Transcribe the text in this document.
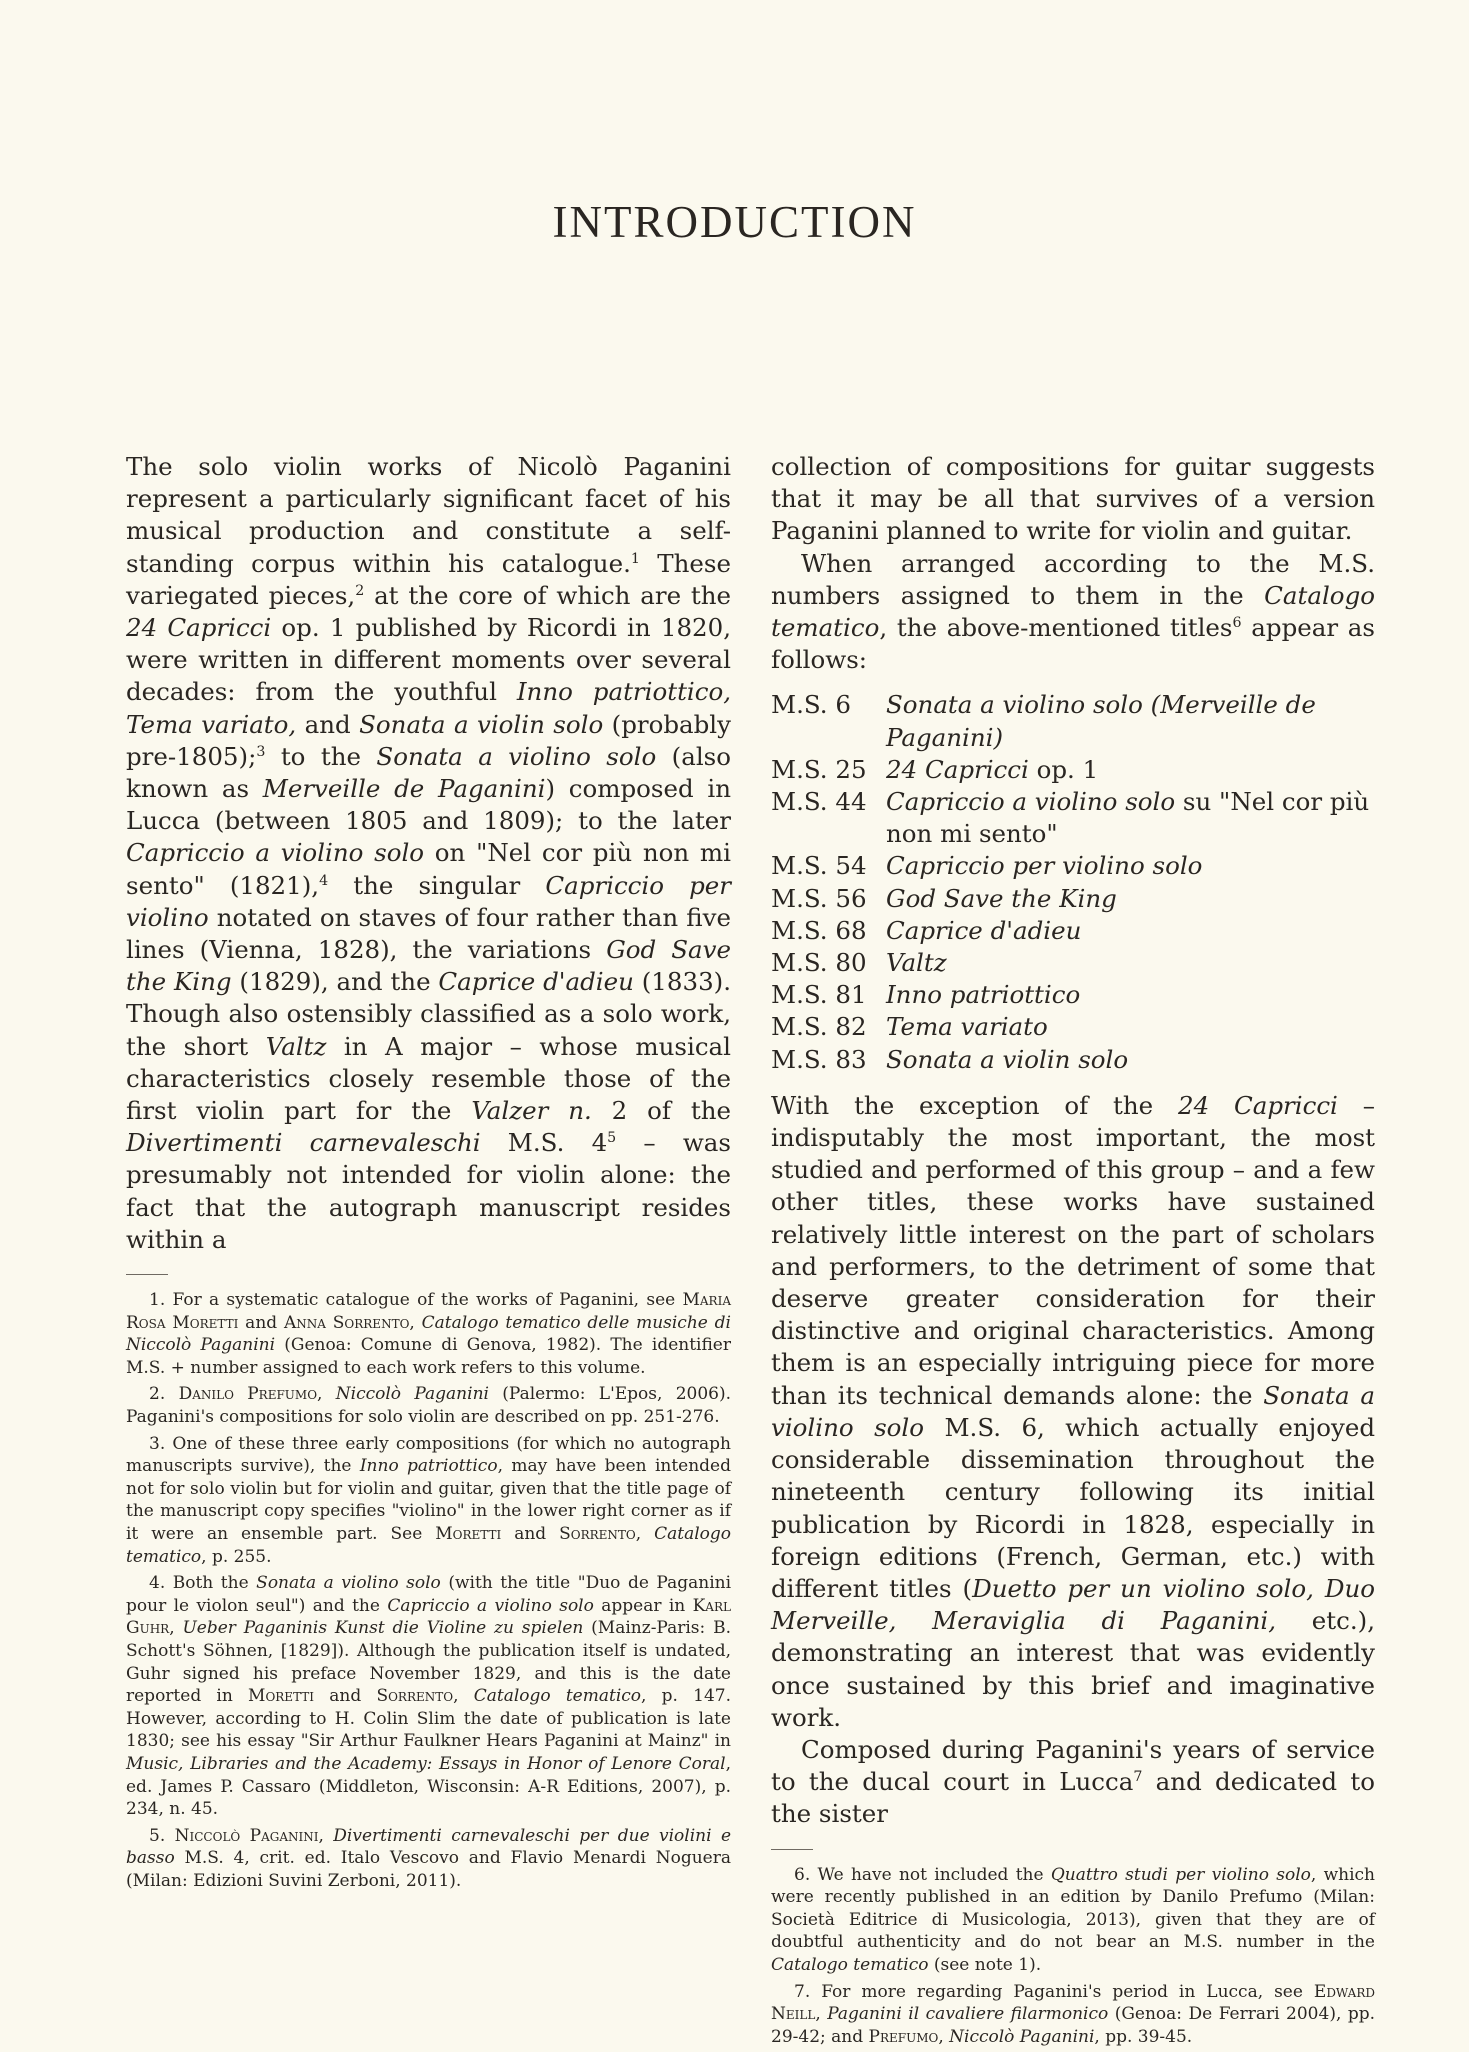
INTRODUCTION

The solo violin works of Nicolò Paganini represent a particularly significant facet of his musical production and constitute a self-standing corpus within his catalogue.$^1$ These variegated pieces,$^2$ at the core of which are the 24 Capricci op. 1 published by Ricordi in 1820, were written in different moments over several decades: from the youthful Inno patriottico, Tema variato, and Sonata a violin solo (probably pre-1805);$^3$ to the Sonata a violino solo (also known as Merveille de Paganini) composed in Lucca (between 1805 and 1809); to the later Capriccio a violino solo on "Nel cor più non mi sento" (1821),$^4$ the singular Capriccio per violino notated on staves of four rather than five lines (Vienna, 1828), the variations God Save the King (1829), and the Caprice d'adieu (1833). Though also ostensibly classified as a solo work, the short Valtz in A major – whose musical characteristics closely resemble those of the first violin part for the Valzer n. 2 of the Divertimenti carnevaleschi M.S. $4^5$ – was presumably not intended for violin alone: the fact that the autograph manuscript resides within a

1. For a systematic catalogue of the works of Paganini, see Maria Rosa Moretti and Anna Sorrento, Catalogo tematico delle musiche di Niccolò Paganini (Genoa: Comune di Genova, 1982). The identifier M.S. + number assigned to each work refers to this volume.

2. Danilo Prefumo, Niccolò Paganini (Palermo: L'Epos, 2006). Paganini's compositions for solo violin are described on pp. 251-276.

3. One of these three early compositions (for which no autograph manuscripts survive), the Inno patriottico, may have been intended not for solo violin but for violin and guitar, given that the title page of the manuscript copy specifies "violino" in the lower right corner as if it were an ensemble part. See Moretti and Sorrento, Catalogo tematico, p. 255.

4. Both the Sonata a violino solo (with the title "Duo de Paganini pour le violon seul") and the Capriccio a violino solo appear in Karl Guhr, Ueber Paganinis Kunst die Violine zu spielen (Mainz-Paris: B. Schott's Söhnen, [1829]). Although the publication itself is undated, Guhr signed his preface November 1829, and this is the date reported in Moretti and Sorrento, Catalogo tematico, p. 147. However, according to H. Colin Slim the date of publication is late 1830; see his essay "Sir Arthur Faulkner Hears Paganini at Mainz" in Music, Libraries and the Academy: Essays in Honor of Lenore Coral, ed. James P. Cassaro (Middleton, Wisconsin: A-R Editions, 2007), p. 234, n. 45.

5. Niccolò Paganini, Divertimenti carnevaleschi per due violini e basso M.S. 4, crit. ed. Italo Vescovo and Flavio Menardi Noguera (Milan: Edizioni Suvini Zerboni, 2011).

collection of compositions for guitar suggests that it may be all that survives of a version Paganini planned to write for violin and guitar.

When arranged according to the M.S. numbers assigned to them in the Catalogo tematico, the above-mentioned titles$^6$ appear as follows:

M.S. 6	Sonata a violino solo (Merveille de Paganini)
M.S. 25 24 Capricci op. 1
M.S. 44 Capriccio a violino solo su "Nel cor più non mi sento"
M.S. 54 Capriccio per violino solo
M.S. 56 God Save the King
M.S. 68 Caprice d'adieu
M.S. 80 Valtz
M.S. 81 Inno patriottico
M.S. 82 Tema variato
M.S. 83 Sonata a violin solo

With the exception of the 24 Capricci – indisputably the most important, the most studied and performed of this group – and a few other titles, these works have sustained relatively little interest on the part of scholars and performers, to the detriment of some that deserve greater consideration for their distinctive and original characteristics. Among them is an especially intriguing piece for more than its technical demands alone: the Sonata a violino solo M.S. 6, which actually enjoyed considerable dissemination throughout the nineteenth century following its initial publication by Ricordi in 1828, especially in foreign editions (French, German, etc.) with different titles (Duetto per un violino solo, Duo Merveille, Meraviglia di Paganini, etc.), demonstrating an interest that was evidently once sustained by this brief and imaginative work.

Composed during Paganini's years of service to the ducal court in Lucca$^7$ and dedicated to the sister

6. We have not included the Quattro studi per violino solo, which were recently published in an edition by Danilo Prefumo (Milan: Società Editrice di Musicologia, 2013), given that they are of doubtful authenticity and do not bear an M.S. number in the Catalogo tematico (see note 1).

7. For more regarding Paganini's period in Lucca, see Edward Neill, Paganini il cavaliere filarmonico (Genoa: De Ferrari 2004), pp. 29-42; and Prefumo, Niccolò Paganini, pp. 39-45.
